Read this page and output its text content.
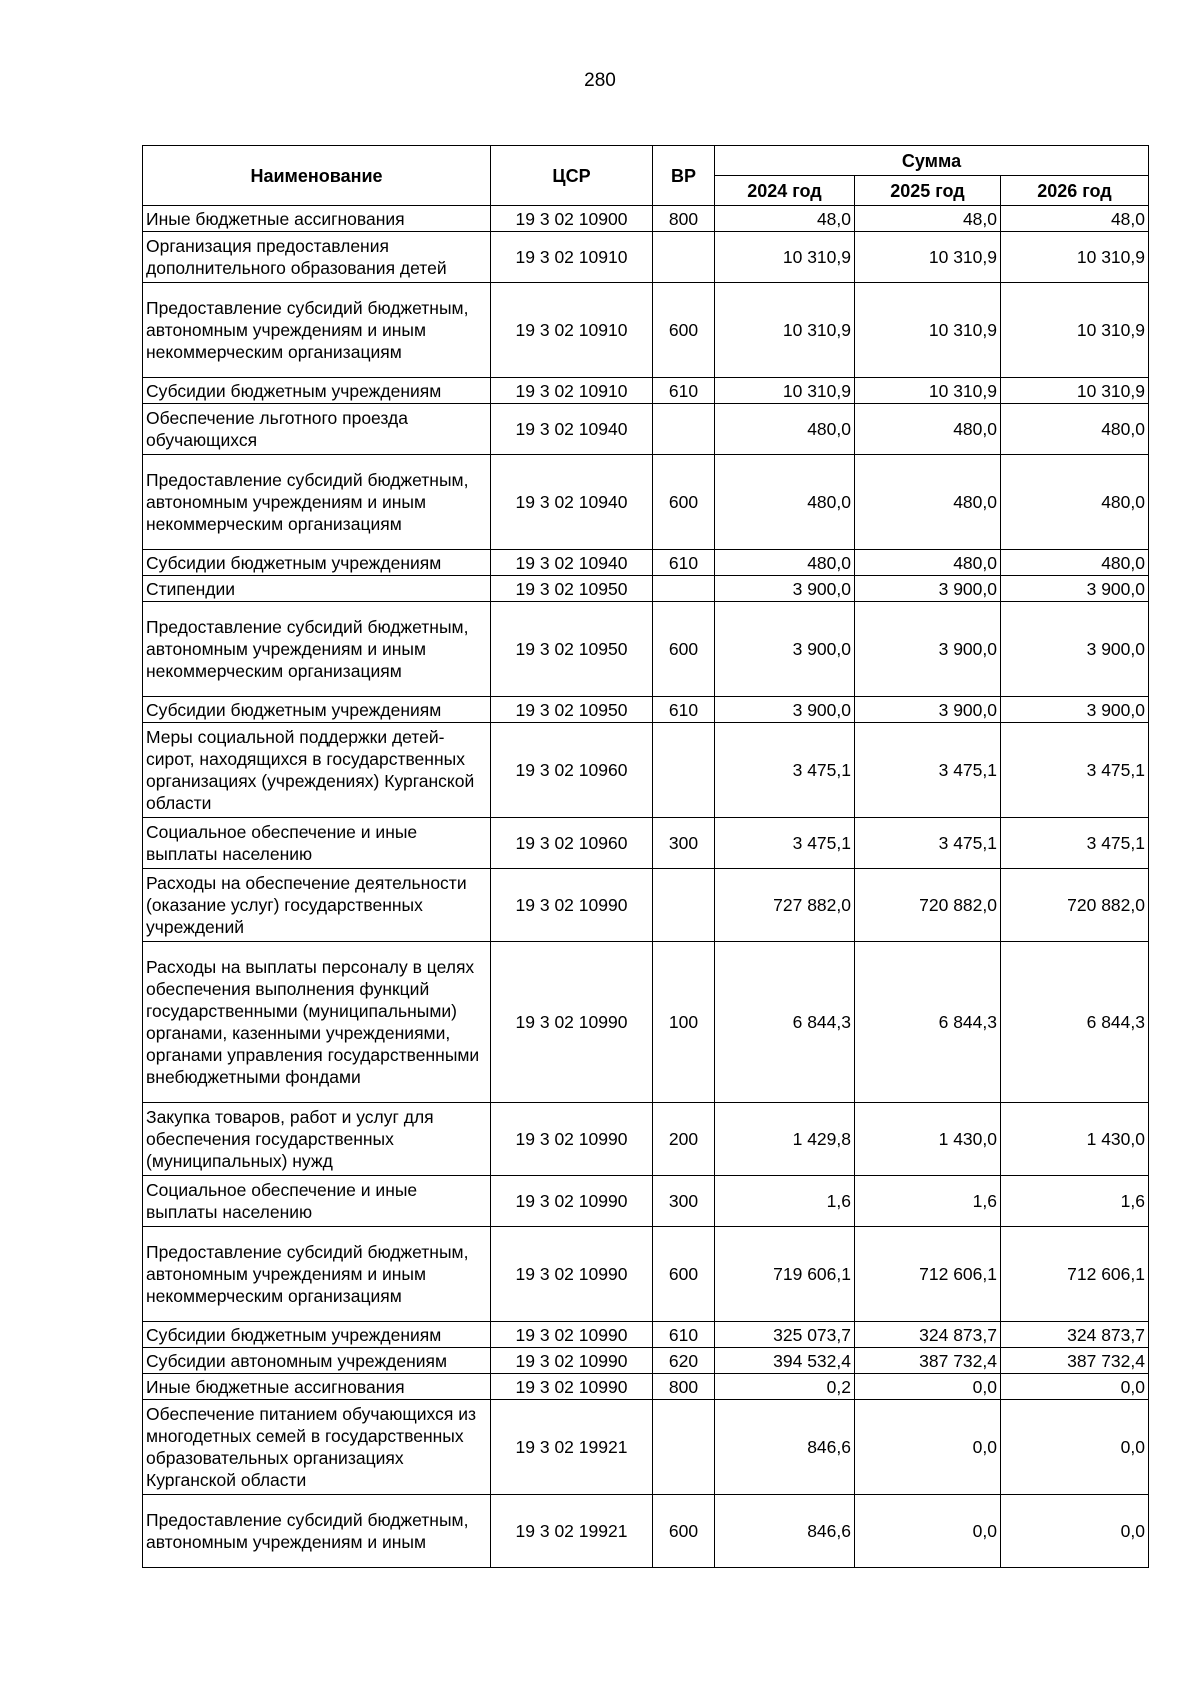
280
Наименование	ЦСР	ВР	Сумма		
			2024 год	2025 год	2026 год
Иные бюджетные ассигнования	19 3 02 10900	800	48,0	48,0	48,0
Организация предоставления дополнительного образования детей	19 3 02 10910		10 310,9	10 310,9	10 310,9
Предоставление субсидий бюджетным, автономным учреждениям и иным некоммерческим организациям	19 3 02 10910	600	10 310,9	10 310,9	10 310,9
Субсидии бюджетным учреждениям	19 3 02 10910	610	10 310,9	10 310,9	10 310,9
Обеспечение льготного проезда обучающихся	19 3 02 10940		480,0	480,0	480,0
Предоставление субсидий бюджетным, автономным учреждениям и иным некоммерческим организациям	19 3 02 10940	600	480,0	480,0	480,0
Субсидии бюджетным учреждениям	19 3 02 10940	610	480,0	480,0	480,0
Стипендии	19 3 02 10950		3 900,0	3 900,0	3 900,0
Предоставление субсидий бюджетным, автономным учреждениям и иным некоммерческим организациям	19 3 02 10950	600	3 900,0	3 900,0	3 900,0
Субсидии бюджетным учреждениям	19 3 02 10950	610	3 900,0	3 900,0	3 900,0
Меры социальной поддержки детей-сирот, находящихся в государственных организациях (учреждениях) Курганской области	19 3 02 10960		3 475,1	3 475,1	3 475,1
Социальное обеспечение и иные выплаты населению	19 3 02 10960	300	3 475,1	3 475,1	3 475,1
Расходы на обеспечение деятельности (оказание услуг) государственных учреждений	19 3 02 10990		727 882,0	720 882,0	720 882,0
Расходы на выплаты персоналу в целях обеспечения выполнения функций государственными (муниципальными) органами, казенными учреждениями, органами управления государственными внебюджетными фондами	19 3 02 10990	100	6 844,3	6 844,3	6 844,3
Закупка товаров, работ и услуг для обеспечения государственных (муниципальных) нужд	19 3 02 10990	200	1 429,8	1 430,0	1 430,0
Социальное обеспечение и иные выплаты населению	19 3 02 10990	300	1,6	1,6	1,6
Предоставление субсидий бюджетным, автономным учреждениям и иным некоммерческим организациям	19 3 02 10990	600	719 606,1	712 606,1	712 606,1
Субсидии бюджетным учреждениям	19 3 02 10990	610	325 073,7	324 873,7	324 873,7
Субсидии автономным учреждениям	19 3 02 10990	620	394 532,4	387 732,4	387 732,4
Иные бюджетные ассигнования	19 3 02 10990	800	0,2	0,0	0,0
Обеспечение питанием обучающихся из многодетных семей в государственных образовательных организациях Курганской области	19 3 02 19921		846,6	0,0	0,0
Предоставление субсидий бюджетным, автономным учреждениям и иным	19 3 02 19921	600	846,6	0,0	0,0
